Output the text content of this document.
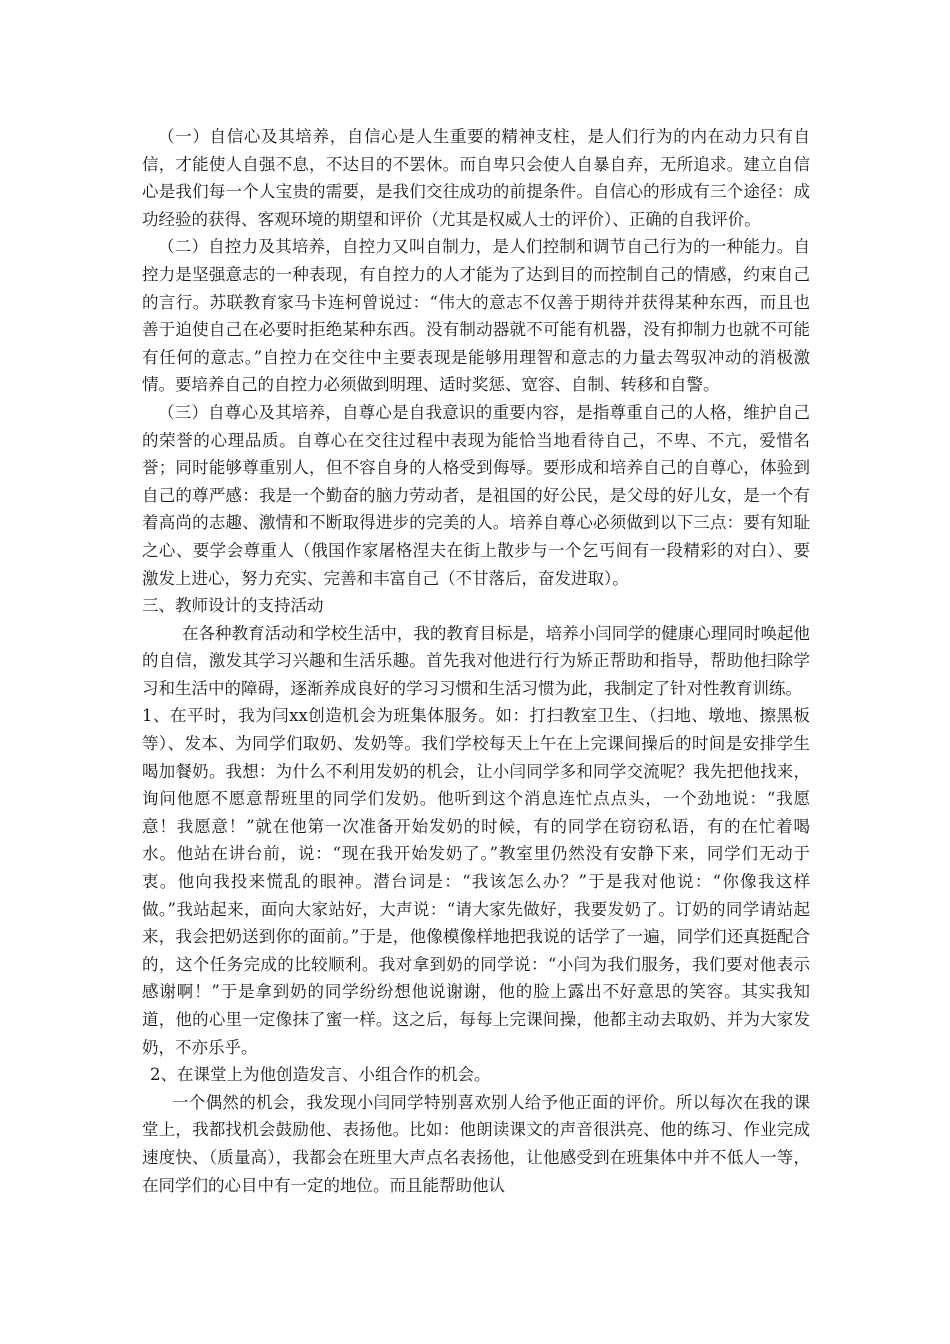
（一）自信心及其培养，自信心是人生重要的精神支柱，是人们行为的内在动力只有自信，才能使人自强不息，不达目的不罢休。而自卑只会使人自暴自弃，无所追求。建立自信心是我们每一个人宝贵的需要，是我们交往成功的前提条件。自信心的形成有三个途径：成功经验的获得、客观环境的期望和评价（尤其是权威人士的评价）、正确的自我评价。

（二）自控力及其培养，自控力又叫自制力，是人们控制和调节自己行为的一种能力。自控力是坚强意志的一种表现，有自控力的人才能为了达到目的而控制自己的情感，约束自己的言行。苏联教育家马卡连柯曾说过：“伟大的意志不仅善于期待并获得某种东西，而且也善于迫使自己在必要时拒绝某种东西。没有制动器就不可能有机器，没有抑制力也就不可能有任何的意志。”自控力在交往中主要表现是能够用理智和意志的力量去驾驭冲动的消极激情。要培养自己的自控力必须做到明理、适时奖惩、宽容、自制、转移和自警。

（三）自尊心及其培养，自尊心是自我意识的重要内容，是指尊重自己的人格，维护自己的荣誉的心理品质。自尊心在交往过程中表现为能恰当地看待自己，不卑、不亢，爱惜名誉；同时能够尊重别人，但不容自身的人格受到侮辱。要形成和培养自己的自尊心，体验到自己的尊严感：我是一个勤奋的脑力劳动者，是祖国的好公民，是父母的好儿女，是一个有着高尚的志趣、激情和不断取得进步的完美的人。培养自尊心必须做到以下三点：要有知耻之心、要学会尊重人（俄国作家屠格涅夫在街上散步与一个乞丐间有一段精彩的对白）、要激发上进心，努力充实、完善和丰富自己（不甘落后，奋发进取）。

三、教师设计的支持活动

在各种教育活动和学校生活中，我的教育目标是，培养小闫同学的健康心理同时唤起他的自信，激发其学习兴趣和生活乐趣。首先我对他进行行为矫正帮助和指导，帮助他扫除学习和生活中的障碍，逐渐养成良好的学习习惯和生活习惯为此，我制定了针对性教育训练。

1、在平时，我为闫xx创造机会为班集体服务。如：打扫教室卫生、（扫地、墩地、擦黑板等）、发本、为同学们取奶、发奶等。我们学校每天上午在上完课间操后的时间是安排学生喝加餐奶。我想：为什么不利用发奶的机会，让小闫同学多和同学交流呢？我先把他找来，询问他愿不愿意帮班里的同学们发奶。他听到这个消息连忙点点头，一个劲地说：“我愿意！我愿意！”就在他第一次准备开始发奶的时候，有的同学在窃窃私语，有的在忙着喝水。他站在讲台前，说：“现在我开始发奶了。”教室里仍然没有安静下来，同学们无动于衷。他向我投来慌乱的眼神。潜台词是：“我该怎么办？”于是我对他说：“你像我这样做。”我站起来，面向大家站好，大声说：“请大家先做好，我要发奶了。订奶的同学请站起来，我会把奶送到你的面前。”于是，他像模像样地把我说的话学了一遍，同学们还真挺配合的，这个任务完成的比较顺利。我对拿到奶的同学说：“小闫为我们服务，我们要对他表示感谢啊！”于是拿到奶的同学纷纷想他说谢谢，他的脸上露出不好意思的笑容。其实我知道，他的心里一定像抹了蜜一样。这之后，每每上完课间操，他都主动去取奶、并为大家发奶，不亦乐乎。

2、在课堂上为他创造发言、小组合作的机会。

一个偶然的机会，我发现小闫同学特别喜欢别人给予他正面的评价。所以每次在我的课堂上，我都找机会鼓励他、表扬他。比如：他朗读课文的声音很洪亮、他的练习、作业完成速度快、（质量高），我都会在班里大声点名表扬他，让他感受到在班集体中并不低人一等，在同学们的心目中有一定的地位。而且能帮助他认
